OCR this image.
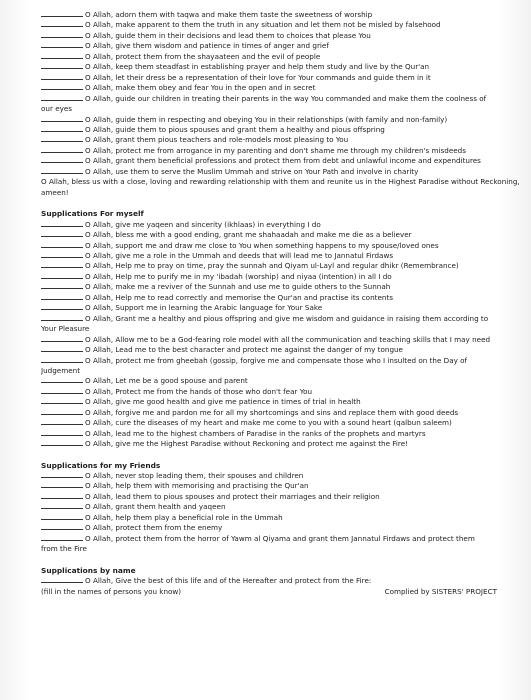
O Allah, adorn them with taqwa and make them taste the sweetness of worship
O Allah, make apparent to them the truth in any situation and let them not be misled by falsehood
O Allah, guide them in their decisions and lead them to choices that please You
O Allah, give them wisdom and patience in times of anger and grief
O Allah, protect them from the shayaateen and the evil of people
O Allah, keep them steadfast in establishing prayer and help them study and live by the Qur'an
O Allah, let their dress be a representation of their love for Your commands and guide them in it
O Allah, make them obey and fear You in the open and in secret
O Allah, guide our children in treating their parents in the way You commanded and make them the coolness of
our eyes
O Allah, guide them in respecting and obeying You in their relationships (with family and non-family)
O Allah, guide them to pious spouses and grant them a healthy and pious offspring
O Allah, grant them pious teachers and role-models most pleasing to You
O Allah, protect me from arrogance in my parenting and don't shame me through my children's misdeeds
O Allah, grant them beneficial professions and protect them from debt and unlawful income and expenditures
O Allah, use them to serve the Muslim Ummah and strive on Your Path and involve in charity
O Allah, bless us with a close, loving and rewarding relationship with them and reunite us in the Highest Paradise without Reckoning, ameen!
Supplications For myself
O Allah, give me yaqeen and sincerity (ikhlaas) in everything I do
O Allah, bless me with a good ending, grant me shahaadah and make me die as a believer
O Allah, support me and draw me close to You when something happens to my spouse/loved ones
O Allah, give me a role in the Ummah and deeds that will lead me to Jannatul Firdaws
O Allah, Help me to pray on time, pray the sunnah and Qiyam ul-Layl and regular dhikr (Remembrance)
O Allah, Help me to purify me in my 'ibadah (worship) and niyaa (intention) in all I do
O Allah, make me a reviver of the Sunnah and use me to guide others to the Sunnah
O Allah, Help me to read correctly and memorise the Qur'an and practise its contents
O Allah, Support me in learning the Arabic language for Your Sake
O Allah, Grant me a healthy and pious offspring and give me wisdom and guidance in raising them according to
Your Pleasure
O Allah, Allow me to be a God-fearing role model with all the communication and teaching skills that I may need
O Allah, Lead me to the best character and protect me against the danger of my tongue
O Allah, protect me from gheebah (gossip, forgive me and compensate those who I insulted on the Day of
Judgement
O Allah, Let me be a good spouse and parent
O Allah, Protect me from the hands of those who don't fear You
O Allah, give me good health and give me patience in times of trial in health
O Allah, forgive me and pardon me for all my shortcomings and sins and replace them with good deeds
O Allah, cure the diseases of my heart and make me come to you with a sound heart (qalbun saleem)
O Allah, lead me to the highest chambers of Paradise in the ranks of the prophets and martyrs
O Allah, give me the Highest Paradise without Reckoning and protect me against the Fire!
Supplications for my Friends
O Allah, never stop leading them, their spouses and children
O Allah, help them with memorising and practising the Qur'an
O Allah, lead them to pious spouses and protect their marriages and their religion
O Allah, grant them health and yaqeen
O Allah, help them play a beneficial role in the Ummah
O Allah, protect them from the enemy
O Allah, protect them from the horror of Yawm al Qiyama and grant them Jannatul Firdaws and protect them
from the Fire
Supplications by name
O Allah, Give the best of this life and of the Hereafter and protect from the Fire:
(fill in the names of persons you know)	Complied by SISTERS' PROJECT
